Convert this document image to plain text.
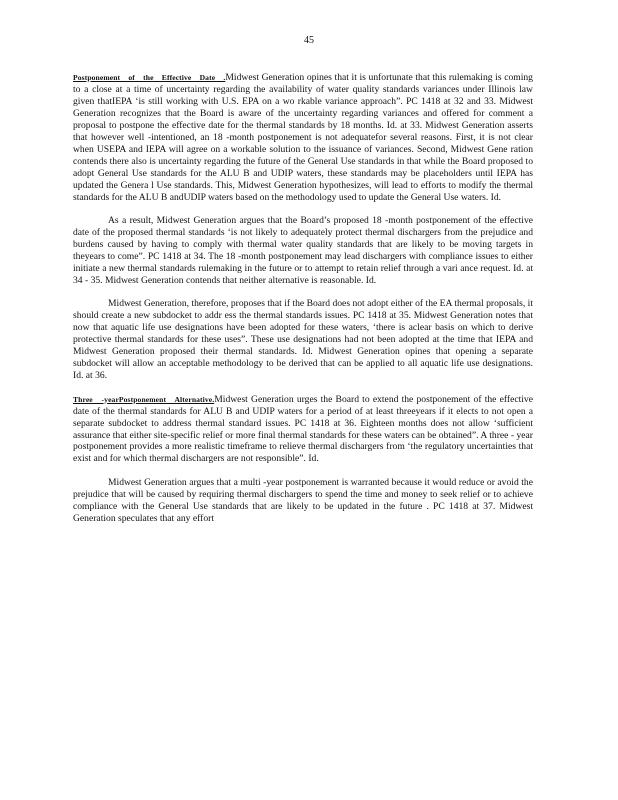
45

Postponement of the Effective Date .Midwest Generation opines that it is unfortunate that this rulemaking is coming to a close at a time of uncertainty regarding the availability of water quality standards variances under Illinois law given thatIEPA ‘is still working with U.S. EPA on a wo rkable variance approach”. PC 1418 at 32 and 33. Midwest Generation recognizes that the Board is aware of the uncertainty regarding variances and offered for comment a proposal to postpone the effective date for the thermal standards by 18 months. Id. at 33. Midwest Generation asserts that however well -intentioned, an 18 -month postponement is not adequatefor several reasons. First, it is not clear when USEPA and IEPA will agree on a workable solution to the issuance of variances. Second, Midwest Gene ration contends there also is uncertainty regarding the future of the General Use standards in that while the Board proposed to adopt General Use standards for the ALU B and UDIP waters, these standards may be placeholders until IEPA has updated the Genera l Use standards. This, Midwest Generation hypothesizes, will lead to efforts to modify the thermal standards for the ALU B andUDIP waters based on the methodology used to update the General Use waters. Id.

As a result, Midwest Generation argues that the Board’s proposed 18 -month postponement of the effective date of the proposed thermal standards ‘is not likely to adequately protect thermal dischargers from the prejudice and burdens caused by having to comply with thermal water quality standards that are likely to be moving targets in theyears to come”. PC 1418 at 34. The 18 -month postponement may lead dischargers with compliance issues to either initiate a new thermal standards rulemaking in the future or to attempt to retain relief through a vari ance request. Id. at 34 - 35. Midwest Generation contends that neither alternative is reasonable. Id.

Midwest Generation, therefore, proposes that if the Board does not adopt either of the EA thermal proposals, it should create a new subdocket to addr ess the thermal standards issues. PC 1418 at 35. Midwest Generation notes that now that aquatic life use designations have been adopted for these waters, ‘there is aclear basis on which to derive protective thermal standards for these uses”. These use designations had not been adopted at the time that IEPA and Midwest Generation proposed their thermal standards. Id. Midwest Generation opines that opening a separate subdocket will allow an acceptable methodology to be derived that can be applied to all aquatic life use designations. Id. at 36.

Three -yearPostponement Alternative.Midwest Generation urges the Board to extend the postponement of the effective date of the thermal standards for ALU B and UDIP waters for a period of at least threeyears if it elects to not open a separate subdocket to address thermal standard issues. PC 1418 at 36. Eighteen months does not allow ‘sufficient assurance that either site-specific relief or more final thermal standards for these waters can be obtained”. A three - year postponement provides a more realistic timeframe to relieve thermal dischargers from ‘the regulatory uncertainties that exist and for which thermal dischargers are not responsible”. Id.

Midwest Generation argues that a multi -year postponement is warranted because it would reduce or avoid the prejudice that will be caused by requiring thermal dischargers to spend the time and money to seek relief or to achieve compliance with the General Use standards that are likely to be updated in the future . PC 1418 at 37. Midwest Generation speculates that any effort
